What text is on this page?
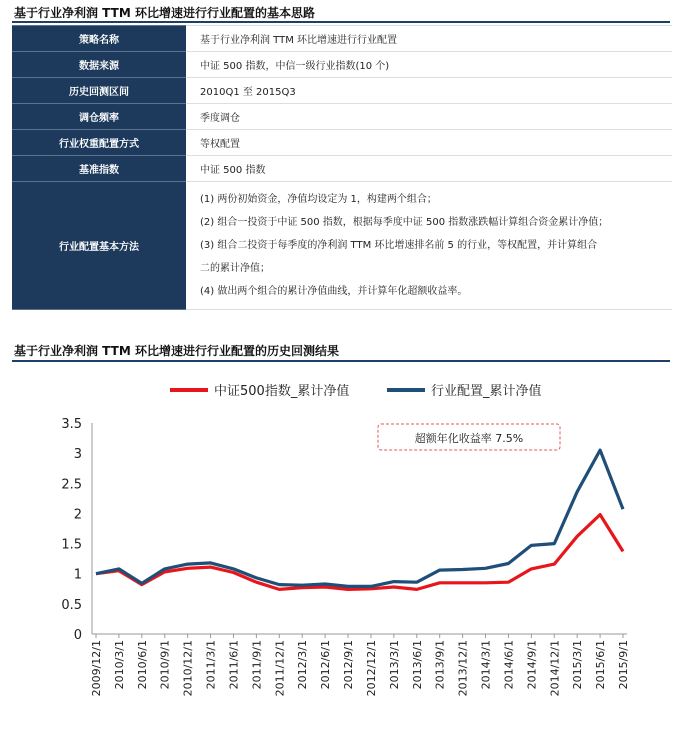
基于行业净利润 TTM 环比增速进行行业配置的基本思路
策略名称	基于行业净利润 TTM 环比增速进行行业配置
数据来源	中证 500 指数，中信一级行业指数(10 个)
历史回测区间	2010Q1 至 2015Q3
调仓频率	季度调仓
行业权重配置方式	等权配置
基准指数	中证 500 指数
行业配置基本方法	(1) 两份初始资金，净值均设定为 1，构建两个组合；
(2) 组合一投资于中证 500 指数，根据每季度中证 500 指数涨跌幅计算组合资金累计净值；
(3) 组合二投资于每季度的净利润 TTM 环比增速排名前 5 的行业，等权配置，并计算组合
二的累计净值；
(4) 做出两个组合的累计净值曲线，并计算年化超额收益率。
基于行业净利润 TTM 环比增速进行行业配置的历史回测结果
0
0.5
1
1.5
2
2.5
3
3.5
2009/12/1 2010/3/1 2010/6/1 2010/9/1 2010/12/1 2011/3/1 2011/6/1 2011/9/1 2011/12/1 2012/3/1 2012/6/1 2012/9/1 2012/12/1 2013/3/1 2013/6/1 2013/9/1 2013/12/1 2014/3/1 2014/6/1 2014/9/1 2014/12/1 2015/3/1 2015/6/1 2015/9/1
中证500指数_累计净值	行业配置_累计净值
超额年化收益率 7.5%
